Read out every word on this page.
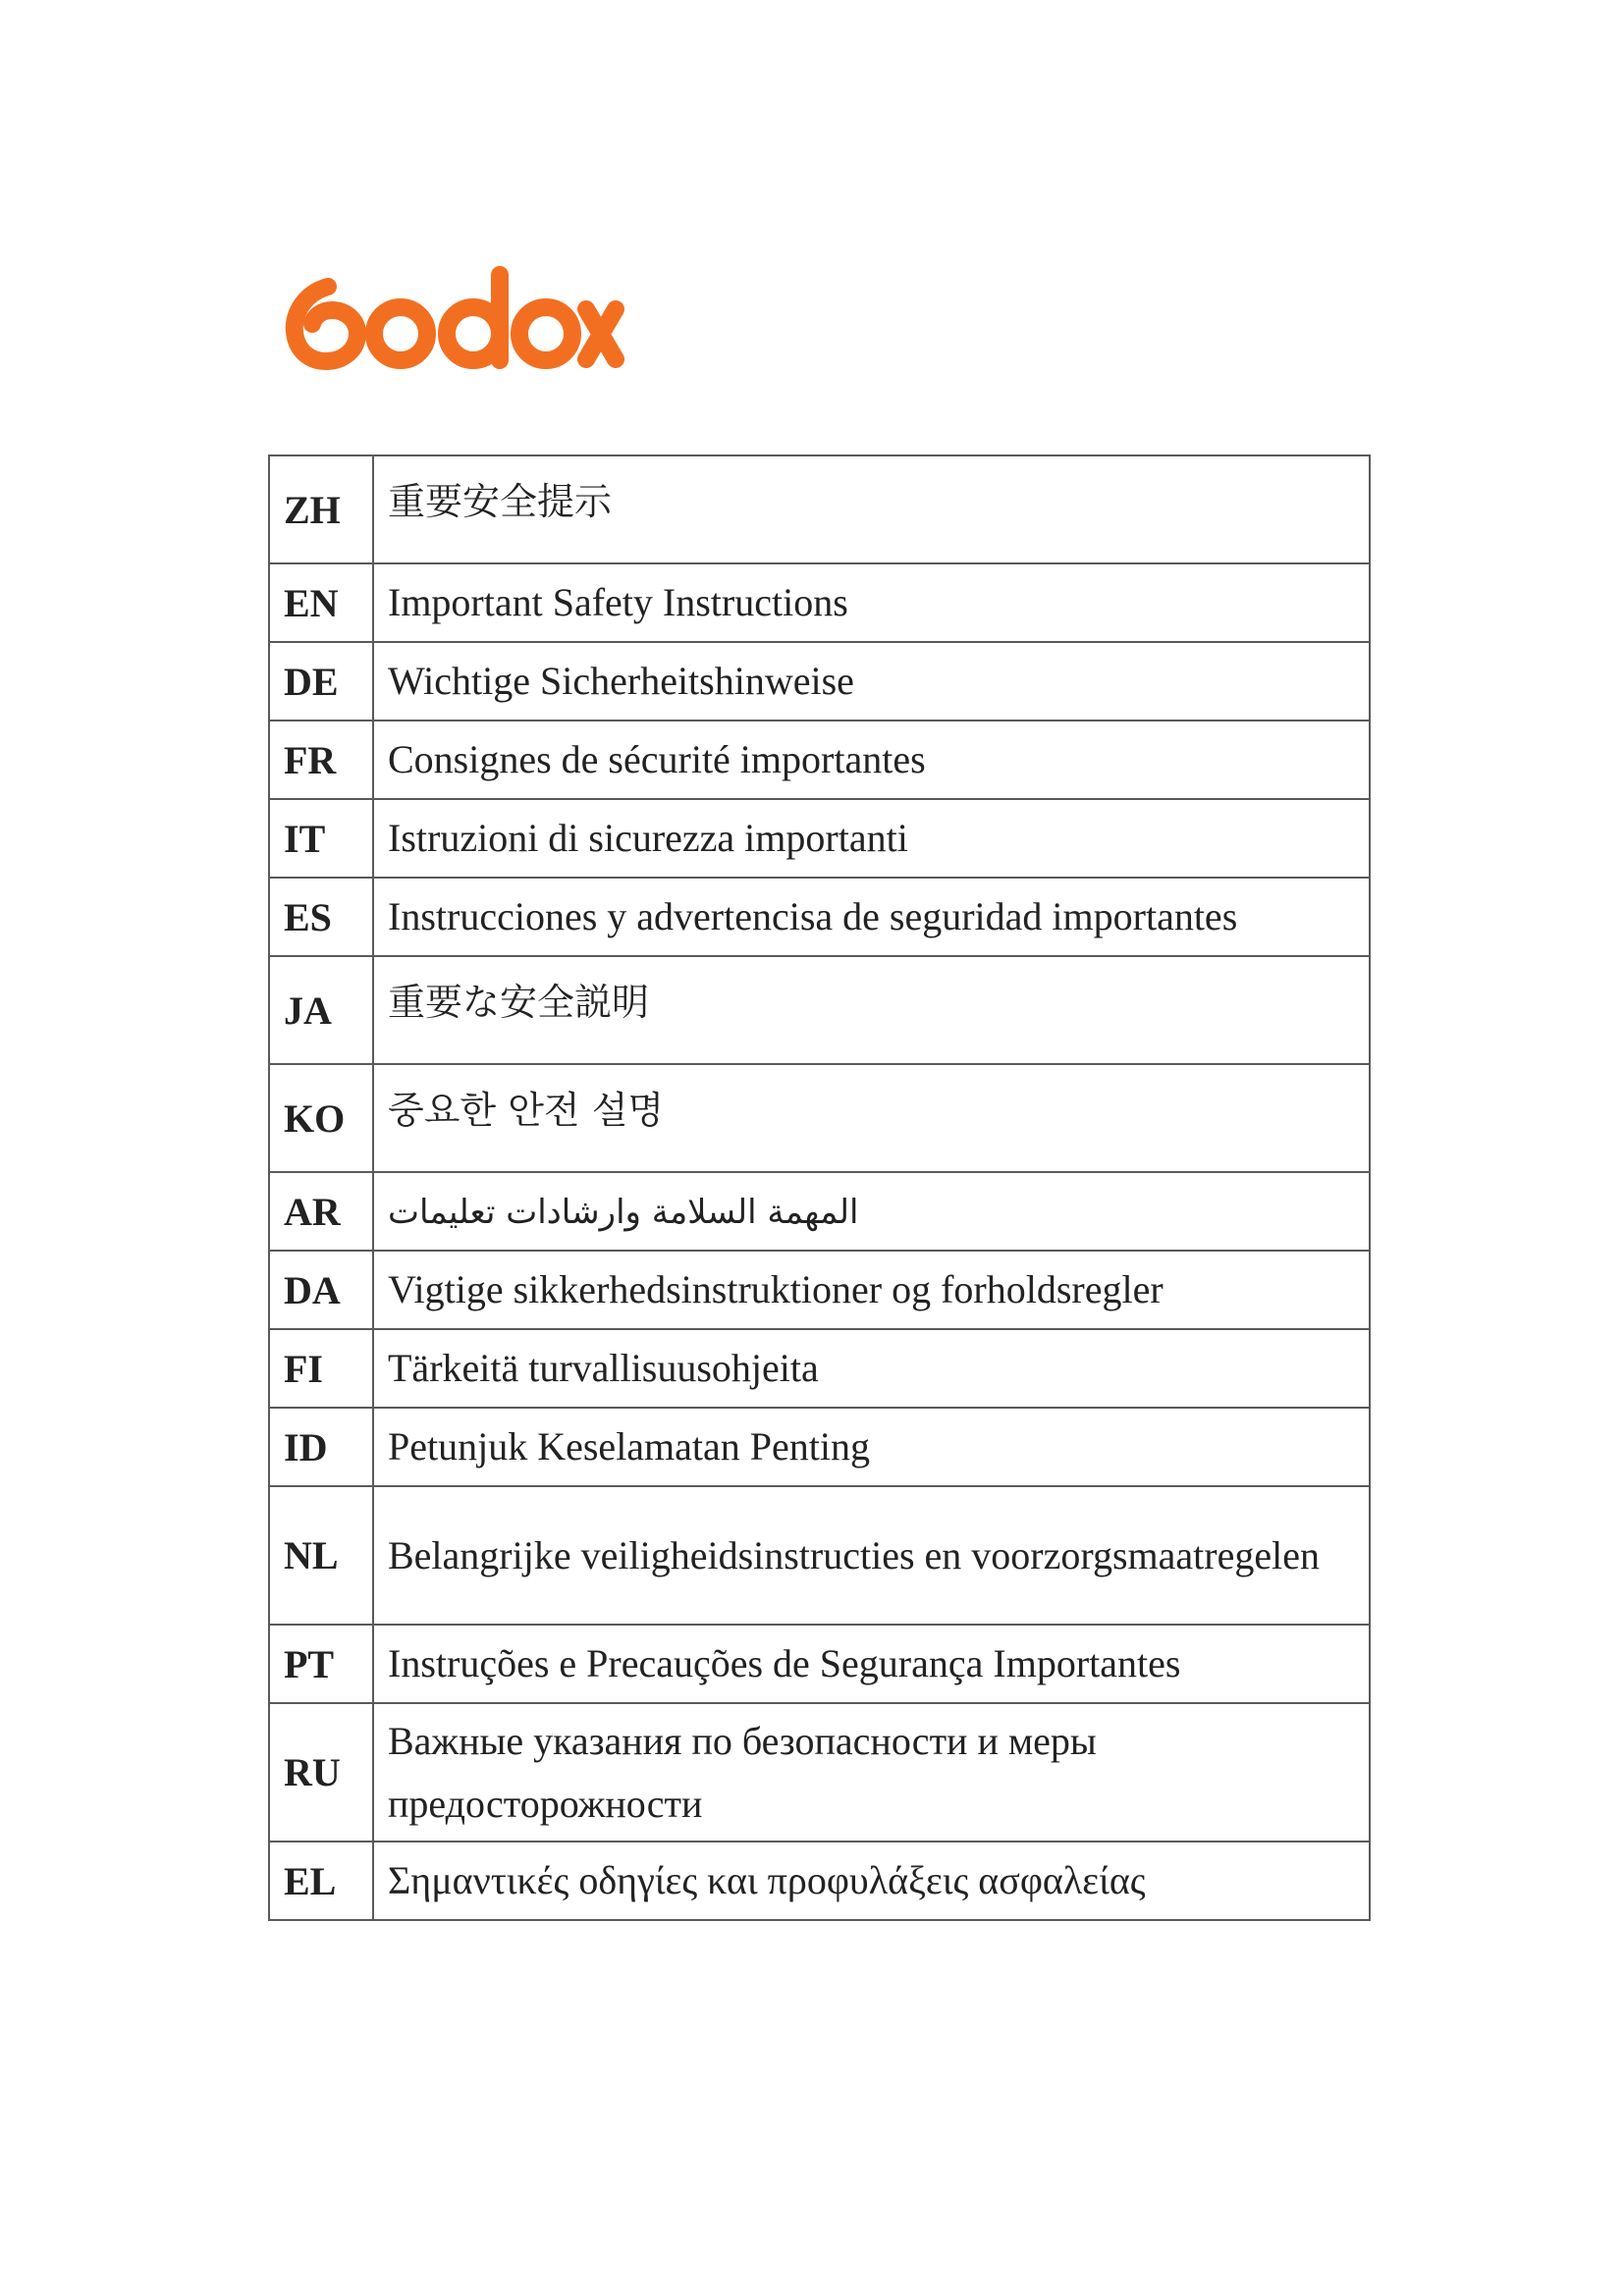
ZH	重要安全提示
EN	Important Safety Instructions
DE	Wichtige Sicherheitshinweise
FR	Consignes de sécurité importantes
IT	Istruzioni di sicurezza importanti
ES	Instrucciones y advertencisa de seguridad importantes
JA	重要な安全説明
KO	중요한 안전 설명
AR	المهمة السلامة وارشادات تعليمات
DA	Vigtige sikkerhedsinstruktioner og forholdsregler
FI	Tärkeitä turvallisuusohjeita
ID	Petunjuk Keselamatan Penting
NL	Belangrijke veiligheidsinstructies en voorzorgsmaatregelen
PT	Instruções e Precauções de Segurança Importantes
RU	Важные указания по безопасности и меры предосторожности
EL	Σημαντικές οδηγίες και προφυλάξεις ασφαλείας
